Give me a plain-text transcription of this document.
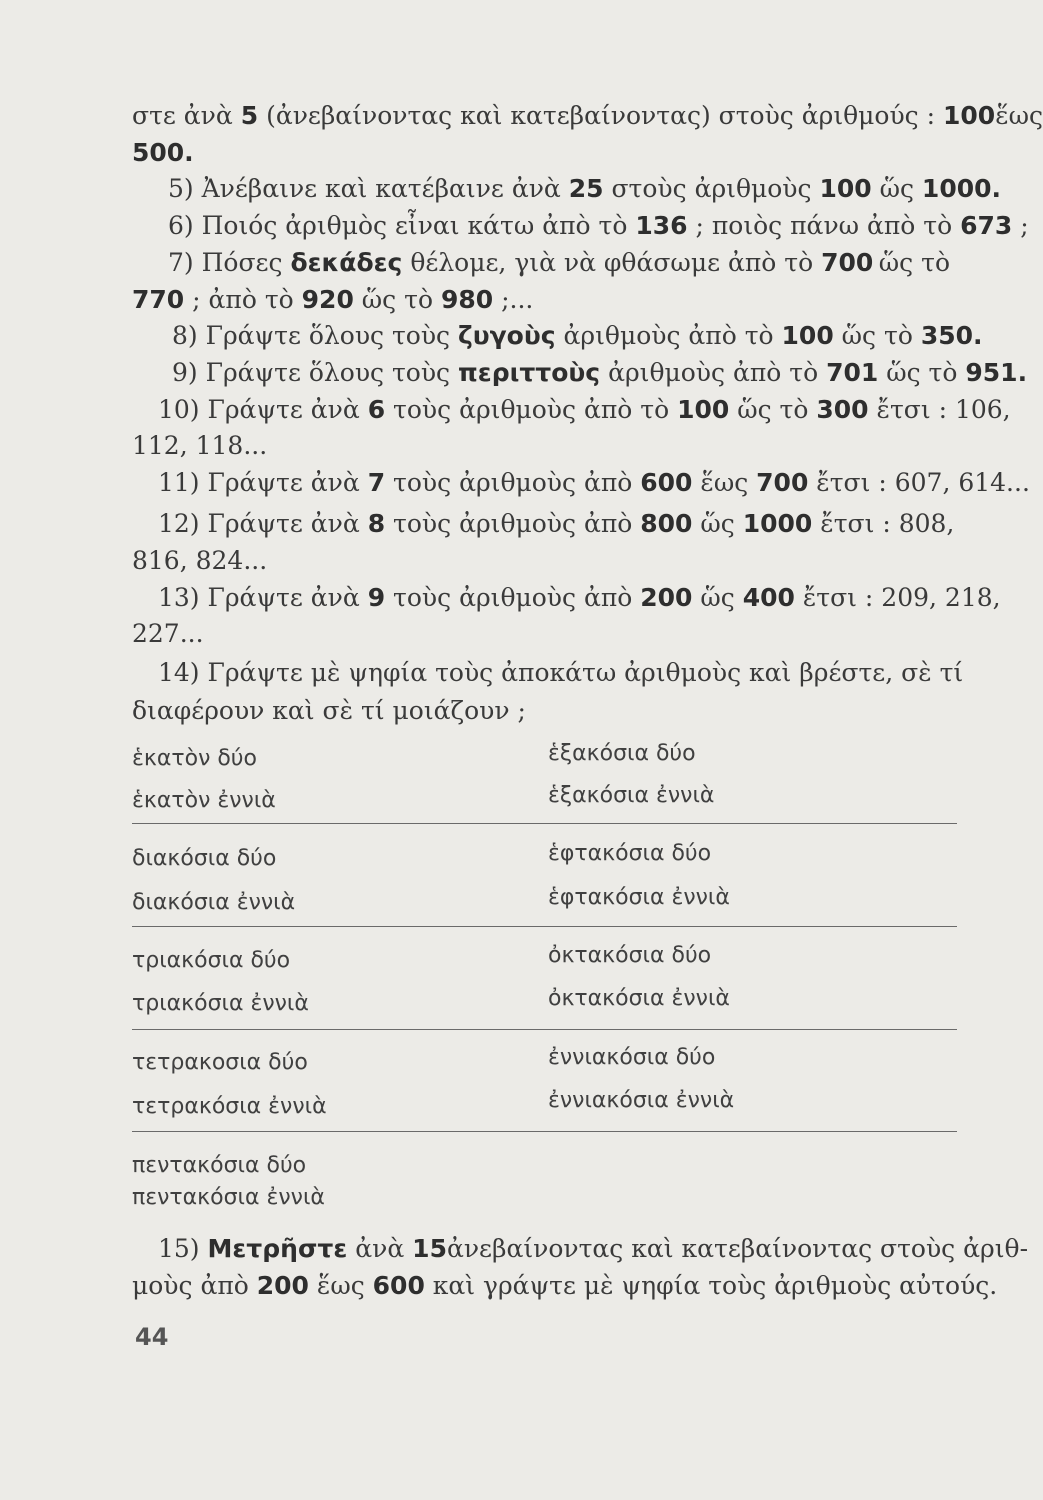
στε ἀνὰ 5 (ἀνεβαίνοντας καὶ κατεβαίνοντας) στοὺς ἀριθμούς : 100 ἕως
500.
5) Ἀνέβαινε καὶ κατέβαινε ἀνὰ 25 στοὺς ἀριθμοὺς 100 ὥς 1000.
6) Ποιός ἀριθμὸς εἶναι κάτω ἀπὸ τὸ 136 ; ποιὸς πάνω ἀπὸ τὸ 673 ;
7) Πόσες δεκάδες θέλομε, γιὰ νὰ φθάσωμε ἀπὸ τὸ 700 ὥς τὸ
770 ; ἀπὸ τὸ 920 ὥς τὸ 980 ;...
8) Γράψτε ὅλους τοὺς ζυγοὺς ἀριθμοὺς ἀπὸ τὸ 100 ὥς τὸ 350.
9) Γράψτε ὅλους τοὺς περιττοὺς ἀριθμοὺς ἀπὸ τὸ 701 ὥς τὸ 951.
10) Γράψτε ἀνὰ 6 τοὺς ἀριθμοὺς ἀπὸ τὸ 100 ὥς τὸ 300 ἔτσι : 106,
112, 118...
11) Γράψτε ἀνὰ 7 τοὺς ἀριθμοὺς ἀπὸ 600 ἕως 700 ἔτσι : 607, 614...
12) Γράψτε ἀνὰ 8 τοὺς ἀριθμοὺς ἀπὸ 800 ὥς 1000 ἔτσι : 808,
816, 824...
13) Γράψτε ἀνὰ 9 τοὺς ἀριθμοὺς ἀπὸ 200 ὥς 400 ἔτσι : 209, 218,
227...
14) Γράψτε μὲ ψηφία τοὺς ἀποκάτω ἀριθμοὺς καὶ βρέστε, σὲ τί
διαφέρουν καὶ σὲ τί μοιάζουν ;
ἑκατὸν δύο
ἑκατὸν ἐννιὰ
ἑξακόσια δύο
ἑξακόσια ἐννιὰ
διακόσια δύο
διακόσια ἐννιὰ
ἑφτακόσια δύο
ἑφτακόσια ἐννιὰ
τριακόσια δύο
τριακόσια ἐννιὰ
ὀκτακόσια δύο
ὀκτακόσια ἐννιὰ
τετρακοσια δύο
τετρακόσια ἐννιὰ
ἐννιακόσια δύο
ἐννιακόσια ἐννιὰ
πεντακόσια δύο
πεντακόσια ἐννιὰ
15) Μετρῆστε ἀνὰ 15 ἀνεβαίνοντας καὶ κατεβαίνοντας στοὺς ἀριθ-
μοὺς ἀπὸ 200 ἕως 600 καὶ γράψτε μὲ ψηφία τοὺς ἀριθμοὺς αὐτούς.
44
